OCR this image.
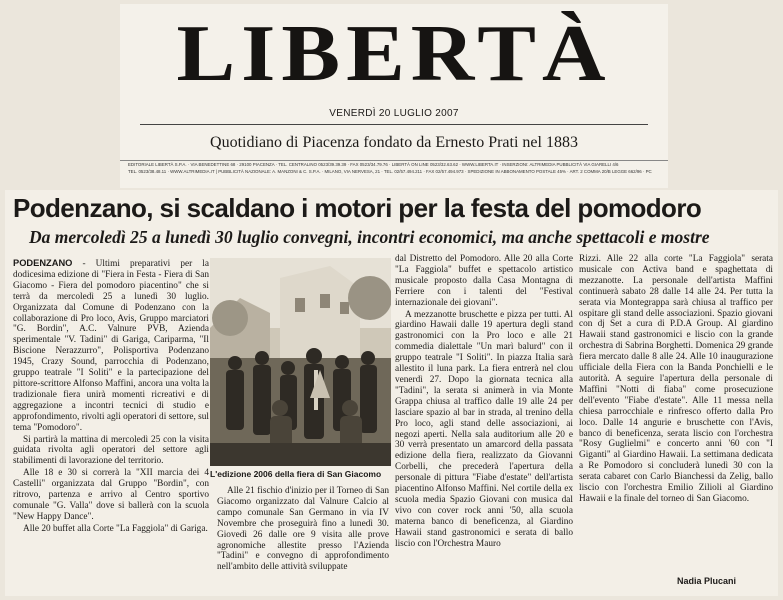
LIBERTÀ
VENERDÌ 20 LUGLIO 2007
Quotidiano di Piacenza fondato da Ernesto Prati nel 1883
EDITORIALE LIBERTÀ S.P.A. · VIA BENEDETTINE 68 · 29100 PIACENZA · TEL. CENTRALINO 0523/39.39.39 · FAX 0523/34.79.76 · LIBERTÀ ON LINE 0523/32.63.62 · WWW.LIBERTA.IT · INSERZIONI: ALTRIMEDIA PUBBLICITÀ VIA GIARELLI 4/6
TEL. 0523/38.48.11 · WWW.ALTRIMEDIA.IT | PUBBLICITÀ NAZIONALE: A. MANZONI & C. S.P.A. · MILANO, VIA NERVESA, 21 · TEL. 02/57.494.211 · FAX 02/57.494.973 · SPEDIZIONE IN ABBONAMENTO POSTALE 45% · ART. 2 COMMA 20/B LEGGE 662/96 · PC
Podenzano, si scaldano i motori per la festa del pomodoro
Da mercoledì 25 a lunedì 30 luglio convegni, incontri economici, ma anche spettacoli e mostre

PODENZANO - Ultimi preparativi per la dodicesima edizione di "Fiera in Festa - Fiera di San Giacomo - Fiera del pomodoro piacentino" che si terrà da mercoledì 25 a lunedì 30 luglio. Organizzata dal Comune di Podenzano con la collaborazione di Pro loco, Avis, Gruppo marciatori "G. Bordin", A.C. Valnure PVB, Azienda sperimentale "V. Tadini" di Gariga, Cariparma, "Il Biscione Nerazzurro", Polisportiva Podenzano 1945, Crazy Sound, parrocchia di Podenzano, gruppo teatrale "I Soliti" e la partecipazione del pittore-scrittore Alfonso Maffini, ancora una volta la tradizionale fiera unirà momenti ricreativi e di aggregazione a incontri tecnici di studio e approfondimento, rivolti agli operatori di settore, sul tema "Pomodoro".

Si partirà la mattina di mercoledì 25 con la visita guidata rivolta agli operatori del settore agli stabilimenti di lavorazione del territorio.

Alle 18 e 30 si correrà la "XII marcia dei 4 Castelli" organizzata dal Gruppo "Bordin", con ritrovo, partenza e arrivo al Centro sportivo comunale "G. Valla" dove si ballerà con la scuola "New Happy Dance".

Alle 20 buffet alla Corte "La Faggiola" di Gariga.

L'edizione 2006 della fiera di San Giacomo

Alle 21 fischio d'inizio per il Torneo di San Giacomo organizzato dal Valnure Calcio al campo comunale San Germano in via IV Novembre che proseguirà fino a lunedì 30. Giovedì 26 dalle ore 9 visita alle prove agronomiche allestite presso l'Azienda "Tadini" e convegno di approfondimento nell'ambito delle attività sviluppate

dal Distretto del Pomodoro. Alle 20 alla Corte "La Faggiola" buffet e spettacolo artistico musicale proposto dalla Casa Montagna di Ferriere con i talenti del "Festival internazionale dei giovani".

A mezzanotte bruschette e pizza per tutti. Al giardino Hawaii dalle 19 apertura degli stand gastronomici con la Pro loco e alle 21 commedia dialettale "Un marì balurd" con il gruppo teatrale "I Soliti". In piazza Italia sarà allestito il luna park. La fiera entrerà nel clou venerdì 27. Dopo la giornata tecnica alla "Tadini", la serata si animerà in via Monte Grappa chiusa al traffico dalle 19 alle 24 per lasciare spazio al bar in strada, al trenino della Pro loco, agli stand delle associazioni, ai negozi aperti. Nella sala auditorium alle 20 e 30 verrà presentato un amarcord della passata edizione della fiera, realizzato da Giovanni Corbelli, che precederà l'apertura della personale di pittura "Fiabe d'estate" dell'artista piacentino Alfonso Maffini. Nel cortile della ex scuola media Spazio Giovani con musica dal vivo con cover rock anni '50, alla scuola materna banco di beneficenza, al Giardino Hawaii stand gastronomici e serata di ballo liscio con l'Orchestra Mauro

Rizzi. Alle 22 alla corte "La Faggiola" serata musicale con Activa band e spaghettata di mezzanotte. La personale dell'artista Maffini continuerà sabato 28 dalle 14 alle 24. Per tutta la serata via Montegrappa sarà chiusa al traffico per ospitare gli stand delle associazioni. Spazio giovani con dj Set a cura di P.D.A Group. Al giardino Hawaii stand gastronomici e liscio con la grande orchestra di Sabrina Borghetti. Domenica 29 grande fiera mercato dalle 8 alle 24. Alle 10 inaugurazione ufficiale della Fiera con la Banda Ponchielli e le autorità. A seguire l'apertura della personale di Maffini "Notti di fiaba" come prosecuzione dell'evento "Fiabe d'estate". Alle 11 messa nella chiesa parrocchiale e rinfresco offerto dalla Pro loco. Dalle 14 angurie e bruschette con l'Avis, banco di beneficenza, serata liscio con l'orchestra "Rosy Guglielmi" e concerto anni '60 con "I Giganti" al Giardino Hawaii. La settimana dedicata a Re Pomodoro si concluderà lunedì 30 con la serata cabaret con Carlo Bianchessi da Zelig, ballo liscio con l'orchestra Emilio Zilioli al Giardino Hawaii e la finale del torneo di San Giacomo.

Nadia Plucani
